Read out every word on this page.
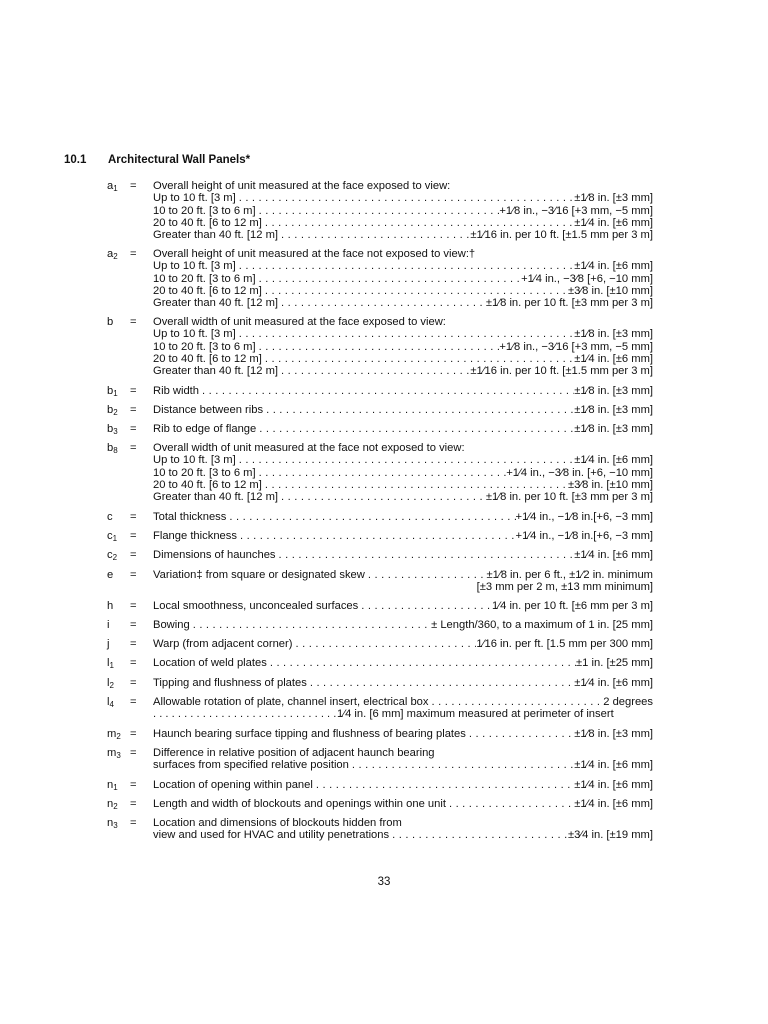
10.1	Architectural Wall Panels*
$a_1$ = Overall height of unit measured at the face exposed to view:
Up to 10 ft. [3 m] . . .	±1⁄8 in. [±3 mm]
10 to 20 ft. [3 to 6 m] . . .	+1⁄8 in., −3⁄16 [+3 mm, −5 mm]
20 to 40 ft. [6 to 12 m] . . .	±1⁄4 in. [±6 mm]
Greater than 40 ft. [12 m] . . .	±1⁄16 in. per 10 ft. [±1.5 mm per 3 m]
$a_2$ = Overall height of unit measured at the face not exposed to view:†
Up to 10 ft. [3 m] . . .	±1⁄4 in. [±6 mm]
10 to 20 ft. [3 to 6 m] . . .	+1⁄4 in., −3⁄8 [+6, −10 mm]
20 to 40 ft. [6 to 12 m] . . .	±3⁄8 in. [±10 mm]
Greater than 40 ft. [12 m] . . .	±1⁄8 in. per 10 ft. [±3 mm per 3 m]
b = Overall width of unit measured at the face exposed to view:
Up to 10 ft. [3 m] . . .	±1⁄8 in. [±3 mm]
10 to 20 ft. [3 to 6 m] . . .	+1⁄8 in., −3⁄16 [+3 mm, −5 mm]
20 to 40 ft. [6 to 12 m] . . .	±1⁄4 in. [±6 mm]
Greater than 40 ft. [12 m] . . .	±1⁄16 in. per 10 ft. [±1.5 mm per 3 m]
$b_1$ = Rib width . . .	±1⁄8 in. [±3 mm]
$b_2$ = Distance between ribs . . .	±1⁄8 in. [±3 mm]
$b_3$ = Rib to edge of flange . . .	±1⁄8 in. [±3 mm]
$b_8$ = Overall width of unit measured at the face not exposed to view:
Up to 10 ft. [3 m] . . .	±1⁄4 in. [±6 mm]
10 to 20 ft. [3 to 6 m] . . .	+1⁄4 in., −3⁄8 in. [+6, −10 mm]
20 to 40 ft. [6 to 12 m] . . .	±3⁄8 in. [±10 mm]
Greater than 40 ft. [12 m] . . .	±1⁄8 in. per 10 ft. [±3 mm per 3 m]
c = Total thickness . . .	+1⁄4 in., −1⁄8 in.[+6, −3 mm]
$c_1$ = Flange thickness . . .	+1⁄4 in., −1⁄8 in.[+6, −3 mm]
$c_2$ = Dimensions of haunches . . .	±1⁄4 in. [±6 mm]
e = Variation‡ from square or designated skew . . .	±1⁄8 in. per 6 ft., ±1⁄2 in. minimum
[±3 mm per 2 m, ±13 mm minimum]
h = Local smoothness, unconcealed surfaces . . .	1⁄4 in. per 10 ft. [±6 mm per 3 m]
i = Bowing . . .	± Length/360, to a maximum of 1 in. [25 mm]
j = Warp (from adjacent corner) . . .	1⁄16 in. per ft. [1.5 mm per 300 mm]
$l_1$ = Location of weld plates . . .	±1 in. [±25 mm]
$l_2$ = Tipping and flushness of plates . . .	±1⁄4 in. [±6 mm]
$l_4$ = Allowable rotation of plate, channel insert, electrical box . . .	2 degrees
. . .
1⁄4 in. [6 mm] maximum measured at perimeter of insert
$m_2$ = Haunch bearing surface tipping and flushness of bearing plates . . .	±1⁄8 in. [±3 mm]
$m_3$ = Difference in relative position of adjacent haunch bearing
surfaces from specified relative position . . .	±1⁄4 in. [±6 mm]
$n_1$ = Location of opening within panel . . .	±1⁄4 in. [±6 mm]
$n_2$ = Length and width of blockouts and openings within one unit . . .	±1⁄4 in. [±6 mm]
$n_3$ = Location and dimensions of blockouts hidden from
view and used for HVAC and utility penetrations . . .	±3⁄4 in. [±19 mm]
33
